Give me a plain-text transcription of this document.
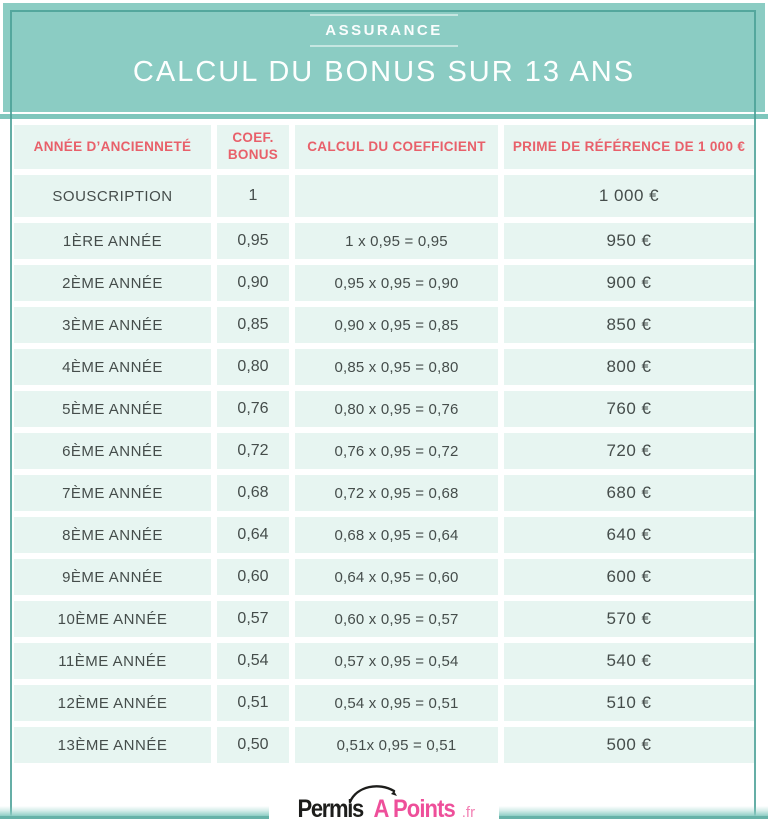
ASSURANCE
CALCUL DU BONUS SUR 13 ANS
ANNÉE D’ANCIENNETÉ	COEF. BONUS	CALCUL DU COEFFICIENT	PRIME DE RÉFÉRENCE DE 1 000 €
SOUSCRIPTION	1		1 000 €
1ÈRE ANNÉE	0,95	1 x 0,95 = 0,95	950 €
2ÈME ANNÉE	0,90	0,95 x 0,95 = 0,90	900 €
3ÈME ANNÉE	0,85	0,90 x 0,95 = 0,85	850 €
4ÈME ANNÉE	0,80	0,85 x 0,95 = 0,80	800 €
5ÈME ANNÉE	0,76	0,80 x 0,95 = 0,76	760 €
6ÈME ANNÉE	0,72	0,76 x 0,95 = 0,72	720 €
7ÈME ANNÉE	0,68	0,72 x 0,95 = 0,68	680 €
8ÈME ANNÉE	0,64	0,68 x 0,95 = 0,64	640 €
9ÈME ANNÉE	0,60	0,64 x 0,95 = 0,60	600 €
10ÈME ANNÉE	0,57	0,60 x 0,95 = 0,57	570 €
11ÈME ANNÉE	0,54	0,57 x 0,95 = 0,54	540 €
12ÈME ANNÉE	0,51	0,54 x 0,95 = 0,51	510 €
13ÈME ANNÉE	0,50	0,51x 0,95 = 0,51	500 €
Permis A Points .fr
